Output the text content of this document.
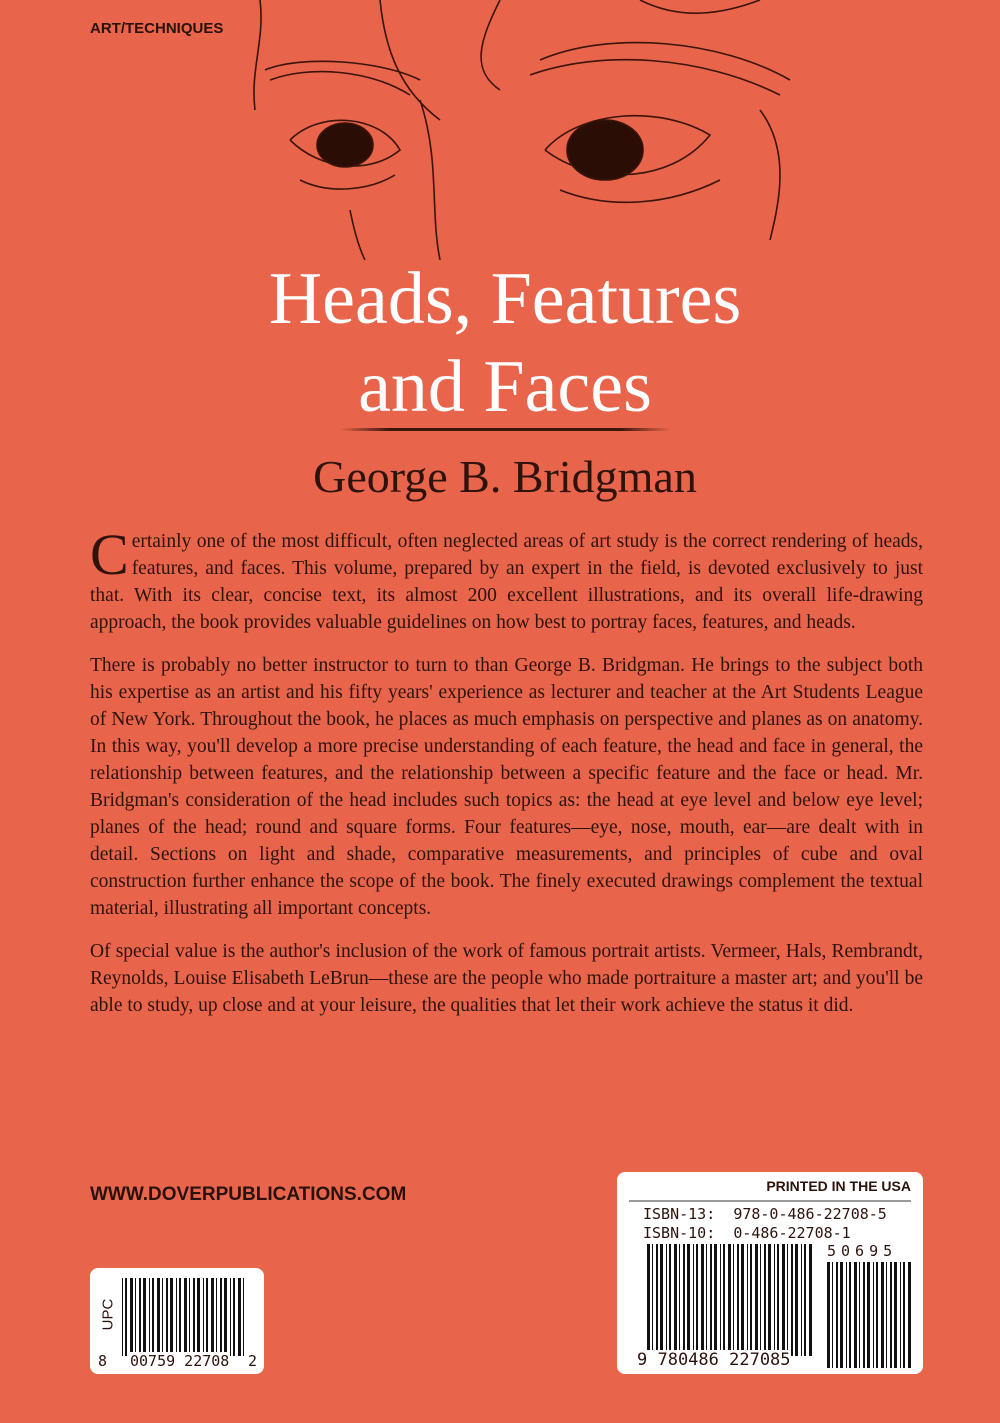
ART/TECHNIQUES
Heads, Features
and Faces
George B. Bridgman

Certainly one of the most difficult, often neglected areas of art study is the correct rendering of heads, features, and faces. This volume, prepared by an expert in the field, is devoted exclusively to just that. With its clear, concise text, its almost 200 excellent illustrations, and its overall life-drawing approach, the book provides valuable guidelines on how best to portray faces, features, and heads.

There is probably no better instructor to turn to than George B. Bridgman. He brings to the subject both his expertise as an artist and his fifty years' experience as lecturer and teacher at the Art Students League of New York. Throughout the book, he places as much emphasis on perspective and planes as on anatomy. In this way, you'll develop a more precise understanding of each feature, the head and face in general, the relationship between features, and the relationship between a specific feature and the face or head. Mr. Bridgman's consideration of the head includes such topics as: the head at eye level and below eye level; planes of the head; round and square forms. Four features—eye, nose, mouth, ear—are dealt with in detail. Sections on light and shade, comparative measurements, and principles of cube and oval construction further enhance the scope of the book. The finely executed drawings complement the textual material, illustrating all important concepts.

Of special value is the author's inclusion of the work of famous portrait artists. Vermeer, Hals, Rembrandt, Reynolds, Louise Elisabeth LeBrun—these are the people who made portraiture a master art; and you'll be able to study, up close and at your leisure, the qualities that let their work achieve the status it did.

WWW.DOVERPUBLICATIONS.COM	PRINTED IN THE USA
ISBN-13: 978-0-486-22708-5
ISBN-10: 0-486-22708-1
50695
9 780486 227085
UPC
8 00759 22708 2
